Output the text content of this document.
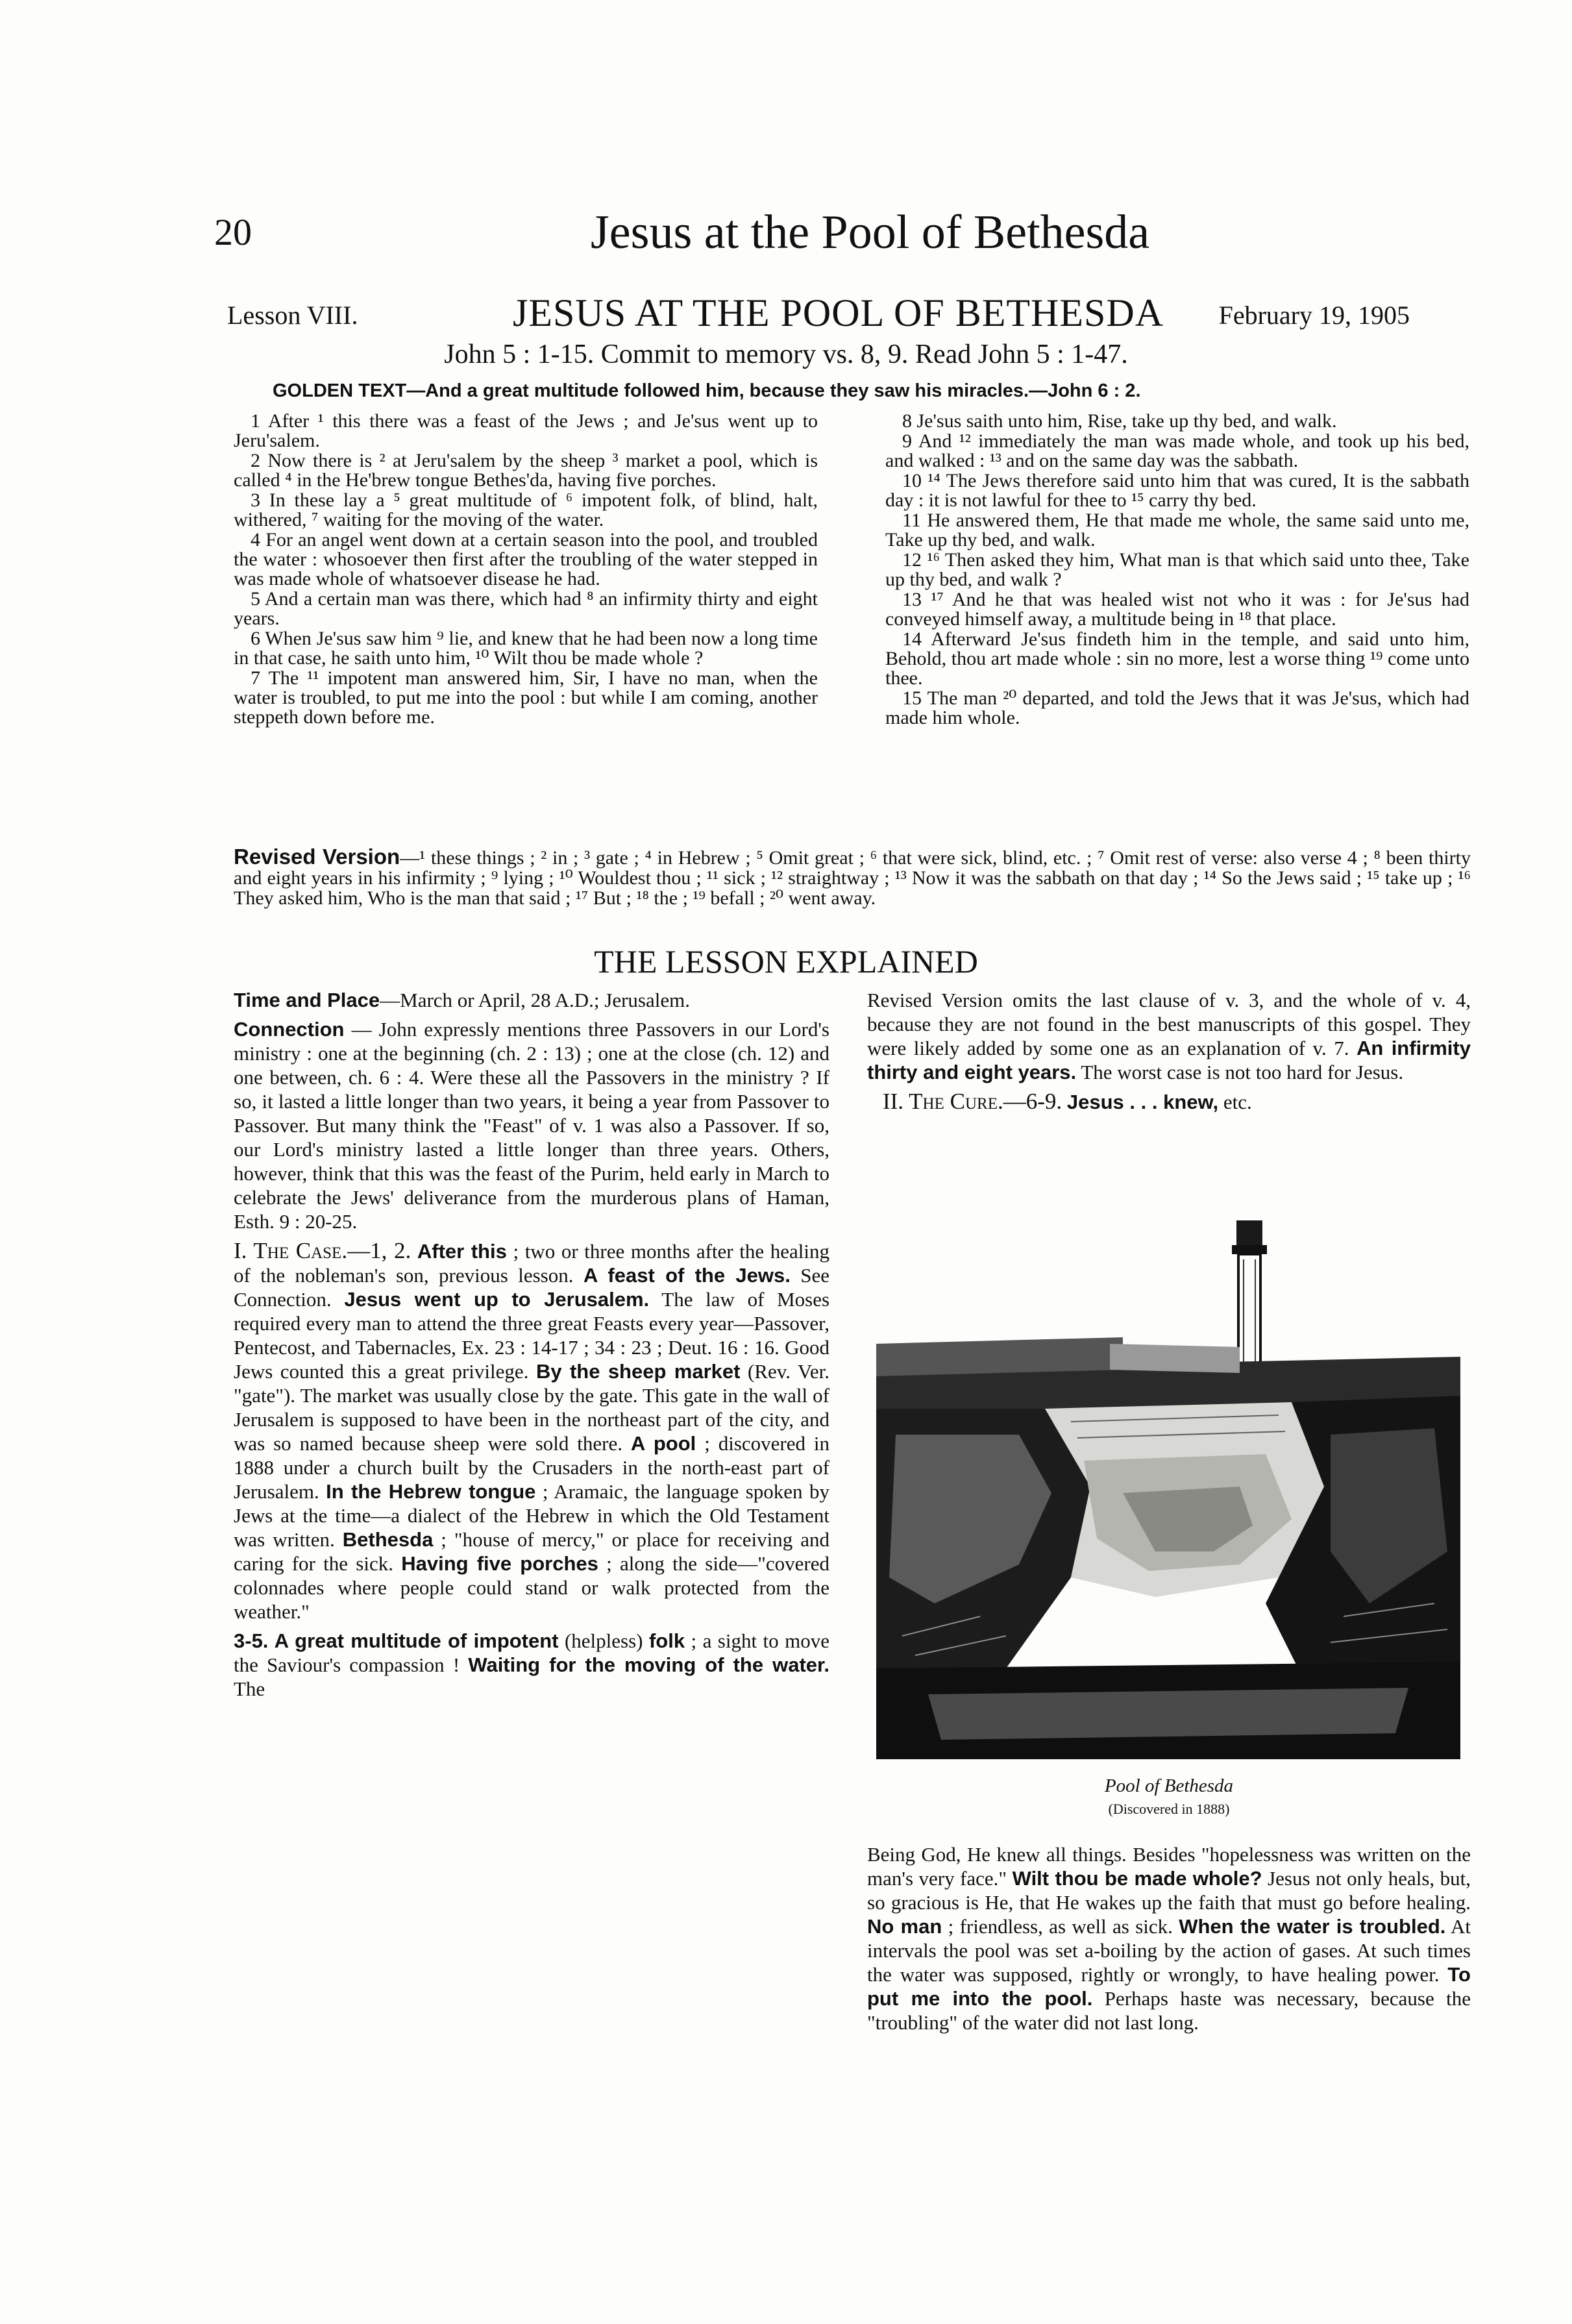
20	Jesus at the Pool of Bethesda
Lesson VIII.	JESUS AT THE POOL OF BETHESDA February 19, 1905
John 5 : 1-15. Commit to memory vs. 8, 9. Read John 5 : 1-47.
GOLDEN TEXT—And a great multitude followed him, because they saw his miracles.—John 6 : 2.

1 After ¹ this there was a feast of the Jews ; and Je'sus went up to Jeru'salem.

2 Now there is ² at Jeru'salem by the sheep ³ market a pool, which is called ⁴ in the He'brew tongue Bethes'da, having five porches.

3 In these lay a ⁵ great multitude of ⁶ impotent folk, of blind, halt, withered, ⁷ waiting for the moving of the water.

4 For an angel went down at a certain season into the pool, and troubled the water : whosoever then first after the troubling of the water stepped in was made whole of whatsoever disease he had.

5 And a certain man was there, which had ⁸ an infirmity thirty and eight years.

6 When Je'sus saw him ⁹ lie, and knew that he had been now a long time in that case, he saith unto him, ¹⁰ Wilt thou be made whole ?

7 The ¹¹ impotent man answered him, Sir, I have no man, when the water is troubled, to put me into the pool : but while I am coming, another steppeth down before me.

8 Je'sus saith unto him, Rise, take up thy bed, and walk.

9 And ¹² immediately the man was made whole, and took up his bed, and walked : ¹³ and on the same day was the sabbath.

10 ¹⁴ The Jews therefore said unto him that was cured, It is the sabbath day : it is not lawful for thee to ¹⁵ carry thy bed.

11 He answered them, He that made me whole, the same said unto me, Take up thy bed, and walk.

12 ¹⁶ Then asked they him, What man is that which said unto thee, Take up thy bed, and walk ?

13 ¹⁷ And he that was healed wist not who it was : for Je'sus had conveyed himself away, a multitude being in ¹⁸ that place.

14 Afterward Je'sus findeth him in the temple, and said unto him, Behold, thou art made whole : sin no more, lest a worse thing ¹⁹ come unto thee.

15 The man ²⁰ departed, and told the Jews that it was Je'sus, which had made him whole.

Revised Version—¹ these things ; ² in ; ³ gate ; ⁴ in Hebrew ; ⁵ Omit great ; ⁶ that were sick, blind, etc. ; ⁷ Omit rest of verse: also verse 4 ; ⁸ been thirty and eight years in his infirmity ; ⁹ lying ; ¹⁰ Wouldest thou ; ¹¹ sick ; ¹² straightway ; ¹³ Now it was the sabbath on that day ; ¹⁴ So the Jews said ; ¹⁵ take up ; ¹⁶ They asked him, Who is the man that said ; ¹⁷ But ; ¹⁸ the ; ¹⁹ befall ; ²⁰ went away.
THE LESSON EXPLAINED

Time and Place—March or April, 28 A.D.; Jerusalem.

Connection — John expressly mentions three Passovers in our Lord's ministry : one at the beginning (ch. 2 : 13) ; one at the close (ch. 12) and one between, ch. 6 : 4. Were these all the Passovers in the ministry ? If so, it lasted a little longer than two years, it being a year from Passover to Passover. But many think the "Feast" of v. 1 was also a Passover. If so, our Lord's ministry lasted a little longer than three years. Others, however, think that this was the feast of the Purim, held early in March to celebrate the Jews' deliverance from the murderous plans of Haman, Esth. 9 : 20-25.

I. The Case.—1, 2. After this ; two or three months after the healing of the nobleman's son, previous lesson. A feast of the Jews. See Connection. Jesus went up to Jerusalem. The law of Moses required every man to attend the three great Feasts every year—Passover, Pentecost, and Tabernacles, Ex. 23 : 14-17 ; 34 : 23 ; Deut. 16 : 16. Good Jews counted this a great privilege. By the sheep market (Rev. Ver. "gate"). The market was usually close by the gate. This gate in the wall of Jerusalem is supposed to have been in the northeast part of the city, and was so named because sheep were sold there. A pool ; discovered in 1888 under a church built by the Crusaders in the north-east part of Jerusalem. In the Hebrew tongue ; Aramaic, the language spoken by Jews at the time—a dialect of the Hebrew in which the Old Testament was written. Bethesda ; "house of mercy," or place for receiving and caring for the sick. Having five porches ; along the side—"covered colonnades where people could stand or walk protected from the weather."

3-5. A great multitude of impotent (helpless) folk ; a sight to move the Saviour's compassion ! Waiting for the moving of the water. The

Revised Version omits the last clause of v. 3, and the whole of v. 4, because they are not found in the best manuscripts of this gospel. They were likely added by some one as an explanation of v. 7. An infirmity thirty and eight years. The worst case is not too hard for Jesus.

II. The Cure.—6-9. Jesus . . . knew, etc.

Pool of Bethesda
(Discovered in 1888)

Being God, He knew all things. Besides "hopelessness was written on the man's very face." Wilt thou be made whole? Jesus not only heals, but, so gracious is He, that He wakes up the faith that must go before healing. No man ; friendless, as well as sick. When the water is troubled. At intervals the pool was set a-boiling by the action of gases. At such times the water was supposed, rightly or wrongly, to have healing power. To put me into the pool. Perhaps haste was necessary, because the "troubling" of the water did not last long.
